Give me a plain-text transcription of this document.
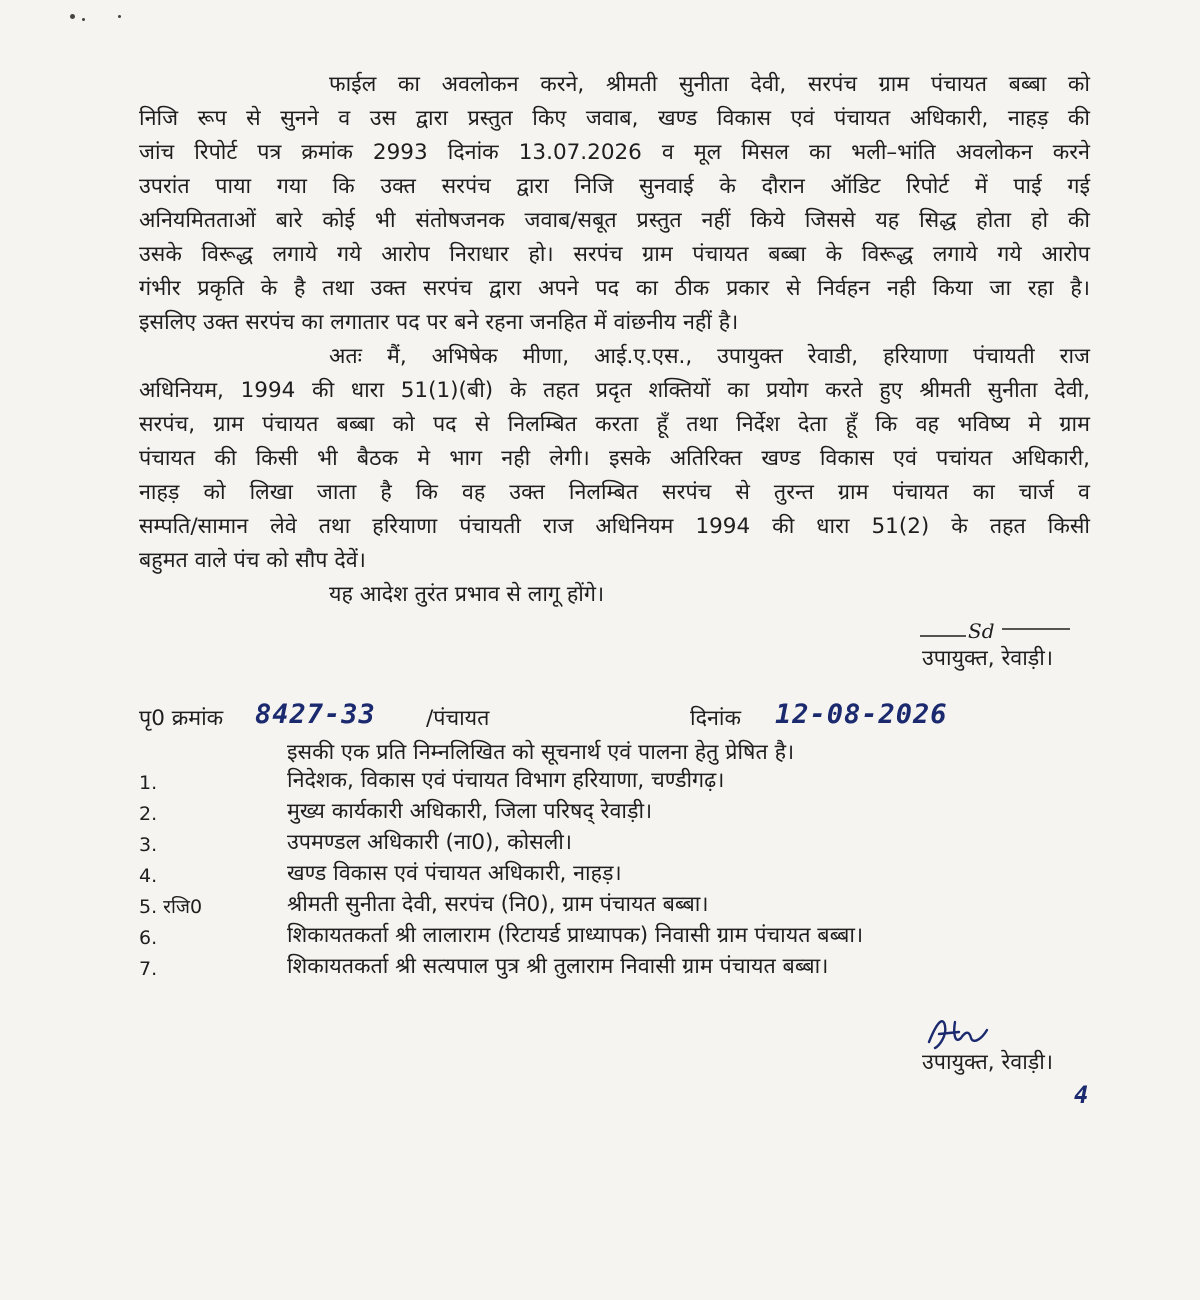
फाईल का अवलोकन करने, श्रीमती सुनीता देवी, सरपंच ग्राम पंचायत बब्बा को
निजि रूप से सुनने व उस द्वारा प्रस्तुत किए जवाब, खण्ड विकास एवं पंचायत अधिकारी, नाहड़ की
जांच रिपोर्ट पत्र क्रमांक 2993 दिनांक 13.07.2026 व मूल मिसल का भली–भांति अवलोकन करने
उपरांत पाया गया कि उक्त सरपंच द्वारा निजि सुनवाई के दौरान ऑडिट रिपोर्ट में पाई गई
अनियमितताओं बारे कोई भी संतोषजनक जवाब/सबूत प्रस्तुत नहीं किये जिससे यह सिद्ध होता हो की
उसके विरूद्ध लगाये गये आरोप निराधार हो। सरपंच ग्राम पंचायत बब्बा के विरूद्ध लगाये गये आरोप
गंभीर प्रकृति के है तथा उक्त सरपंच द्वारा अपने पद का ठीक प्रकार से निर्वहन नही किया जा रहा है।
इसलिए उक्त सरपंच का लगातार पद पर बने रहना जनहित में वांछनीय नहीं है।
अतः मैं, अभिषेक मीणा, आई.ए.एस., उपायुक्त रेवाडी, हरियाणा पंचायती राज
अधिनियम, 1994 की धारा 51(1)(बी) के तहत प्रदृत शक्तियों का प्रयोग करते हुए श्रीमती सुनीता देवी,
सरपंच, ग्राम पंचायत बब्बा को पद से निलम्बित करता हूँ तथा निर्देश देता हूँ कि वह भविष्य मे ग्राम
पंचायत की किसी भी बैठक मे भाग नही लेगी। इसके अतिरिक्त खण्ड विकास एवं पचांयत अधिकारी,
नाहड़ को लिखा जाता है कि वह उक्त निलम्बित सरपंच से तुरन्त ग्राम पंचायत का चार्ज व
सम्पति/सामान लेवे तथा हरियाणा पंचायती राज अधिनियम 1994 की धारा 51(2) के तहत किसी
बहुमत वाले पंच को सौप देवें।
यह आदेश तुरंत प्रभाव से लागू होंगे।
Sd
उपायुक्त, रेवाड़ी।
पृ0 क्रमांक 8427-33 /पंचायत	दिनांक 12-08-2026
इसकी एक प्रति निम्नलिखित को सूचनार्थ एवं पालना हेतु प्रेषित है।
1.	निदेशक, विकास एवं पंचायत विभाग हरियाणा, चण्डीगढ़।
2.	मुख्य कार्यकारी अधिकारी, जिला परिषद् रेवाड़ी।
3.	उपमण्डल अधिकारी (ना0), कोसली।
4.	खण्ड विकास एवं पंचायत अधिकारी, नाहड़।
5. रजि0	श्रीमती सुनीता देवी, सरपंच (नि0), ग्राम पंचायत बब्बा।
6.	शिकायतकर्ता श्री लालाराम (रिटायर्ड प्राध्यापक) निवासी ग्राम पंचायत बब्बा।
7.	शिकायतकर्ता श्री सत्यपाल पुत्र श्री तुलाराम निवासी ग्राम पंचायत बब्बा।
उपायुक्त, रेवाड़ी।
4
